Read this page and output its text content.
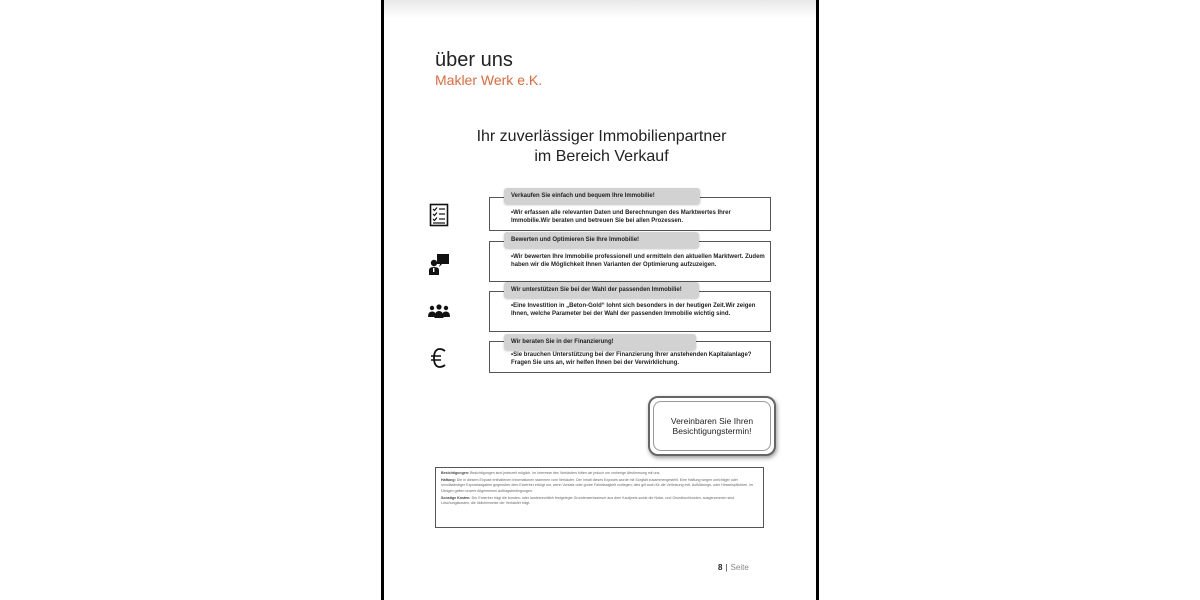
über uns
Makler Werk e.K.
Ihr zuverlässiger Immobilienpartner
im Bereich Verkauf
Verkaufen Sie einfach und bequem Ihre Immobilie!
•Wir erfassen alle relevanten Daten und Berechnungen des Marktwertes Ihrer Immobilie.Wir beraten und betreuen Sie bei allen Prozessen.
Bewerten und Optimieren Sie Ihre Immobilie!
•Wir bewerten Ihre Immobilie professionell und ermitteln den aktuellen Marktwert. Zudem haben wir die Möglichkeit Ihnen Varianten der Optimierung aufzuzeigen.
Wir unterstützen Sie bei der Wahl der passenden Immobilie!
•Eine Investition in „Beton-Gold“ lohnt sich besonders in der heutigen Zeit.Wir zeigen Ihnen, welche Parameter bei der Wahl der passenden Immobilie wichtig sind.
Wir beraten Sie in der Finanzierung!
•Sie brauchen Unterstützung bei der Finanzierung Ihrer anstehenden Kapitalanlage? Fragen Sie uns an, wir helfen Ihnen bei der Verwirklichung.
Vereinbaren Sie Ihren Besichtigungstermin!

Besichtigungen: Besichtigungen sind jederzeit möglich. Im Interesse des Verkäufers bitten wir jedoch um vorherige Abstimmung mit uns.

Haftung: Die in diesem Exposé enthaltenen Informationen stammen vom Verkäufer. Der Inhalt dieses Exposés wurde mit Sorgfalt zusammengestellt. Eine Haftung wegen unrichtiger oder unvollständiger Exposéangaben gegenüber dem Erwerber erfolgt nur, wenn Vorsatz oder grobe Fahrlässigkeit vorliegen; dies gilt auch für die Verletzung evtl. Aufklärungs- oder Hinweispflichten. Im Übrigen gelten unsere Allgemeinen Auftragsbedingungen.

Sonstige Kosten: Der Erwerber trägt die bundes- oder landesrechtlich festgelegte Grunderwerbssteuer aus dem Kaufpreis sowie die Notar- und Grundbuchkosten, ausgenommen sind Löschungskosten, die üblicherweise der Verkäufer trägt.

8 | Seite
